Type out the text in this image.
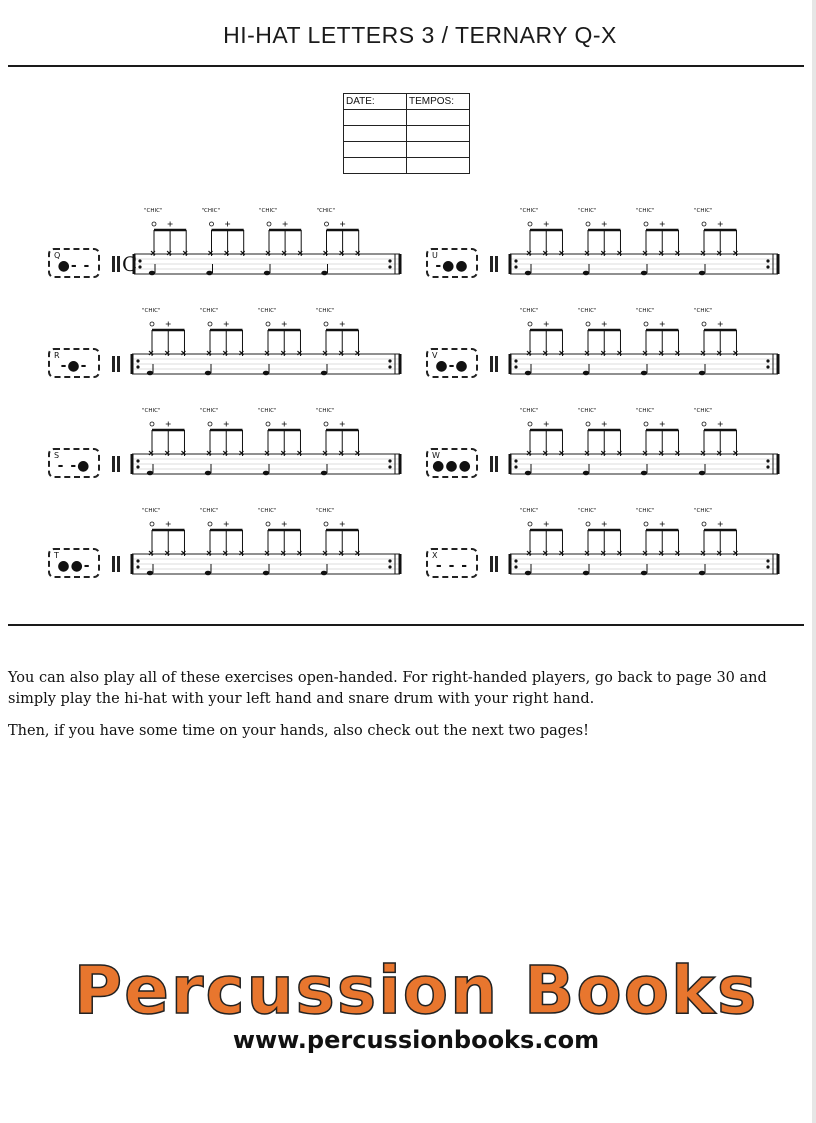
HI-HAT LETTERS 3 / TERNARY Q-X
DATE:	TEMPOS:

Q
●- -	C
"CHIC"	"CHIC"	"CHIC"	"CHIC"
R
-●-
"CHIC"	"CHIC"	"CHIC"	"CHIC"
S
- -●
"CHIC"	"CHIC"	"CHIC"	"CHIC"
T
●●-
"CHIC"	"CHIC"	"CHIC"	"CHIC"
U
-●●
"CHIC"	"CHIC"	"CHIC"	"CHIC"
V
●-●
"CHIC"	"CHIC"	"CHIC"	"CHIC"
W
●●●
"CHIC"	"CHIC"	"CHIC"	"CHIC"
X
- - -
"CHIC"	"CHIC"	"CHIC"	"CHIC"

You can also play all of these exercises open-handed. For right-handed players, go back to page 30 and simply play the hi-hat with your left hand and snare drum with your right hand.

Then, if you have some time on your hands, also check out the next two pages!

Percussion Books
www.percussionbooks.com
